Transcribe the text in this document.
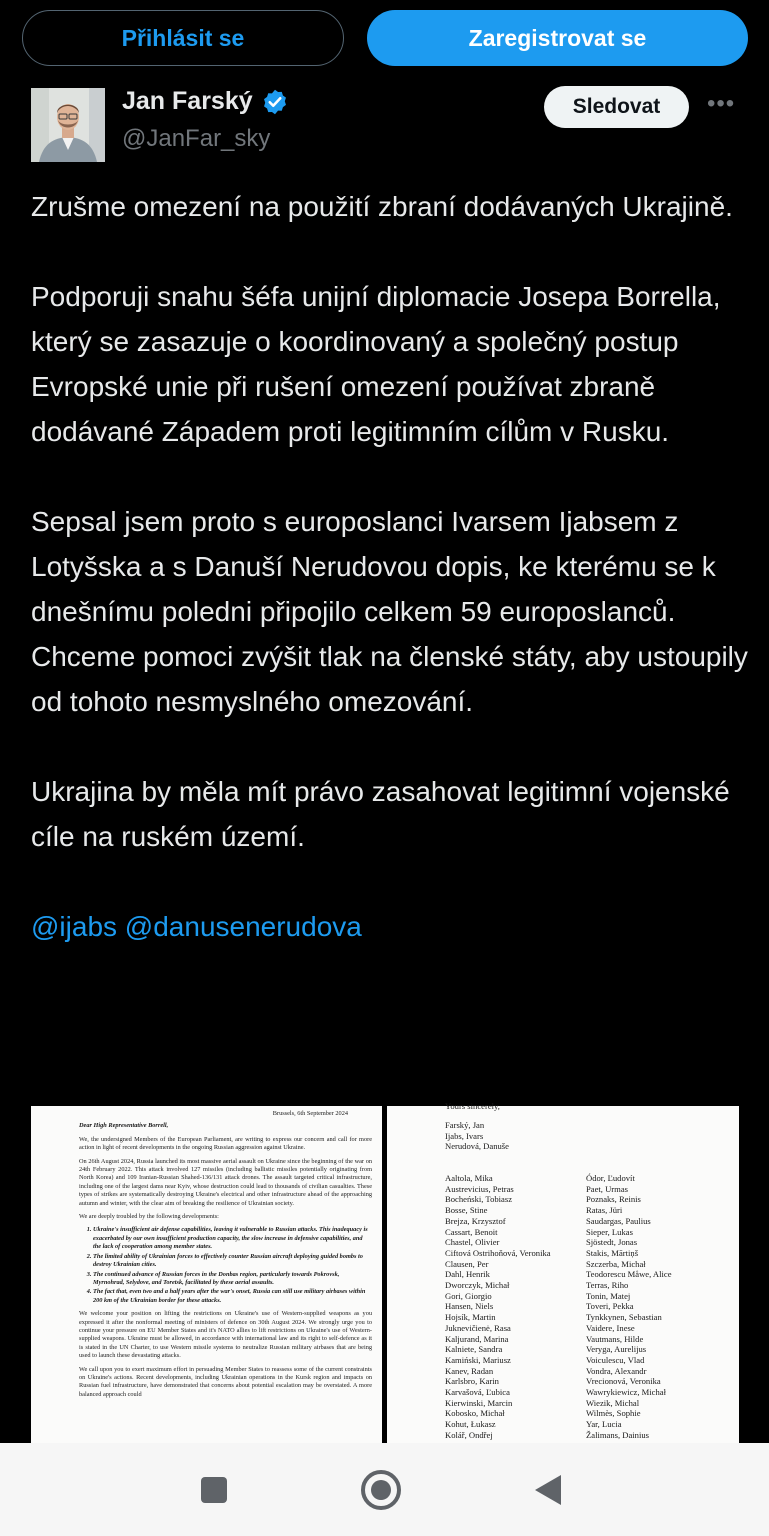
Přihlásit se	Zaregistrovat se
Jan Farský
@JanFar_sky
Sledovat	•••

Zrušme omezení na použití zbraní dodávaných Ukrajině.

Podporuji snahu šéfa unijní diplomacie Josepa Borrella, který se zasazuje o koordinovaný a společný postup Evropské unie při rušení omezení používat zbraně dodávané Západem proti legitimním cílům v Rusku.

Sepsal jsem proto s europoslanci Ivarsem Ijabsem z Lotyšska a s Danuší Nerudovou dopis, ke kterému se k dnešnímu poledni připojilo celkem 59 europoslanců. Chceme pomoci zvýšit tlak na členské státy, aby ustoupily od tohoto nesmyslného omezování.

Ukrajina by měla mít právo zasahovat legitimní vojenské cíle na ruském území.

@ijabs @danusenerudova
Brussels, 6th September 2024
Dear High Representative Borrell,
We, the undersigned Members of the European Parliament, are writing to express our concern and call for more action in light of recent developments in the ongoing Russian aggression against Ukraine.
On 26th August 2024, Russia launched its most massive aerial assault on Ukraine since the beginning of the war on 24th February 2022. This attack involved 127 missiles (including ballistic missiles potentially originating from North Korea) and 109 Iranian-Russian Shahed-136/131 attack drones. The assault targeted critical infrastructure, including one of the largest dams near Kyiv, whose destruction could lead to thousands of civilian casualties. These types of strikes are systematically destroying Ukraine's electrical and other infrastructure ahead of the approaching autumn and winter, with the clear aim of breaking the resilience of Ukrainian society.
We are deeply troubled by the following developments:
1. Ukraine's insufficient air defense capabilities, leaving it vulnerable to Russian attacks. This inadequacy is exacerbated by our own insufficient production capacity, the slow increase in defensive capabilities, and the lack of cooperation among member states.
2. The limited ability of Ukrainian forces to effectively counter Russian aircraft deploying guided bombs to destroy Ukrainian cities.
3. The continued advance of Russian forces in the Donbas region, particularly towards Pokrovsk, Myrnohrad, Selydove, and Toretsk, facilitated by these aerial assaults.
4. The fact that, even two and a half years after the war's onset, Russia can still use military airbases within 200 km of the Ukrainian border for these attacks.
We welcome your position on lifting the restrictions on Ukraine's use of Western-supplied weapons as you expressed it after the nonformal meeting of ministers of defence on 30th August 2024. We strongly urge you to continue your pressure on EU Member States and it's NATO allies to lift restrictions on Ukraine's use of Western-supplied weapons. Ukraine must be allowed, in accordance with international law and its right to self-defence as it is stated in the UN Charter, to use Western missile systems to neutralize Russian military airbases that are being used to launch these devastating attacks.
We call upon you to exert maximum effort in persuading Member States to reassess some of the current constraints on Ukraine's actions. Recent developments, including Ukrainian operations in the Kursk region and impacts on Russian fuel infrastructure, have demonstrated that concerns about potential escalation may be overstated. A more balanced approach could
Yours sincerely,
Farský, Jan
Ijabs, Ivars
Nerudová, Danuše
Aaltola, Mika
Austrevicius, Petras
Bocheński, Tobiasz
Bosse, Stine
Brejza, Krzysztof
Cassart, Benoit
Chastel, Olivier
Ciftová Ostrihoňová, Veronika
Clausen, Per
Dahl, Henrik
Dworczyk, Michał
Gori, Giorgio
Hansen, Niels
Hojsík, Martin
Juknevičienė, Rasa
Kaljurand, Marina
Kalniete, Sandra
Kamiński, Mariusz
Kanev, Radan
Karlsbro, Karin
Karvašová, Ľubica
Kierwinski, Marcin
Kobosko, Michał
Kohut, Łukasz
Kolář, Ondřej
Ódor, Ľudovít
Paet, Urmas
Poznaks, Reinis
Ratas, Jüri
Saudargas, Paulius
Sieper, Lukas
Sjöstedt, Jonas
Stakis, Mārtiņš
Szczerba, Michał
Teodorescu Måwe, Alice
Terras, Riho
Tonin, Matej
Toveri, Pekka
Tynkkynen, Sebastian
Vaidere, Inese
Vautmans, Hilde
Veryga, Aurelijus
Voiculescu, Vlad
Vondra, Alexandr
Vrecionová, Veronika
Wawrykiewicz, Michał
Wiezik, Michal
Wilmès, Sophie
Yar, Lucia
Žalimans, Dainius
